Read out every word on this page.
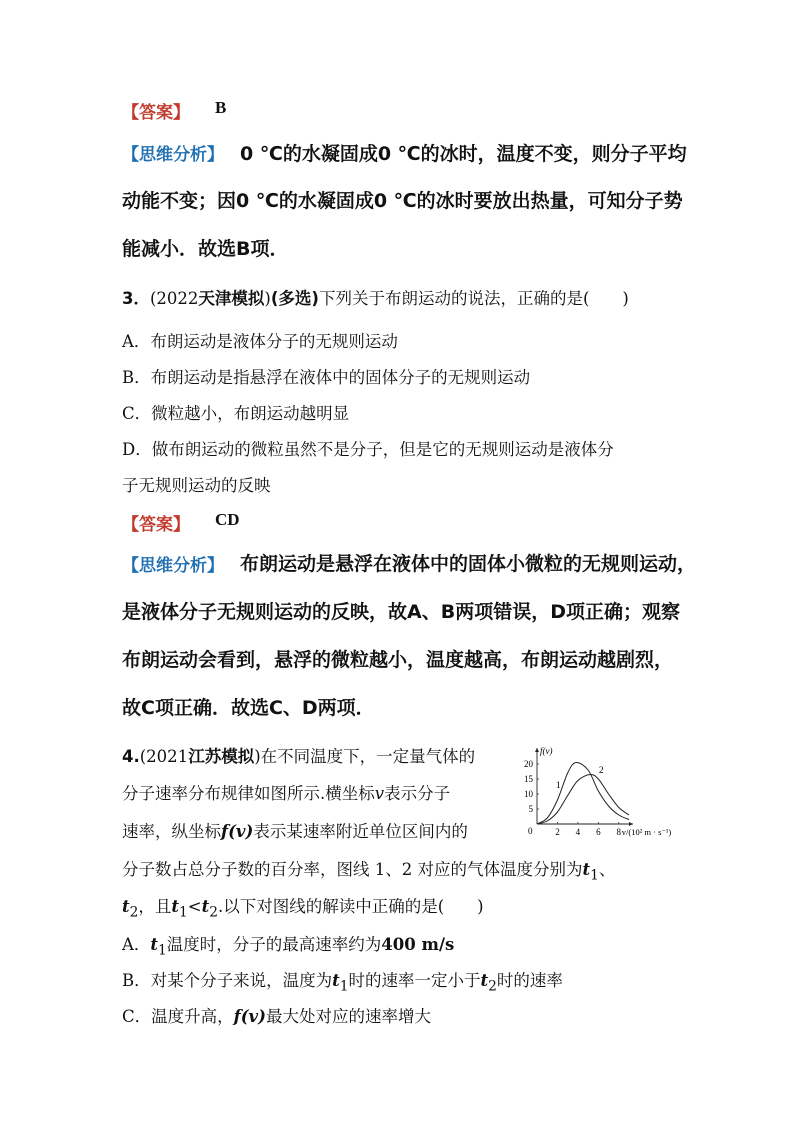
【答案】 B
【思维分析】 0 ℃的水凝固成0 ℃的冰时，温度不变，则分子平均
动能不变；因0 ℃的水凝固成0 ℃的冰时要放出热量，可知分子势
能减小．故选B项．
3．(2022天津模拟)(多选)下列关于布朗运动的说法，正确的是(　　)
A．布朗运动是液体分子的无规则运动
B．布朗运动是指悬浮在液体中的固体分子的无规则运动
C．微粒越小，布朗运动越明显
D．做布朗运动的微粒虽然不是分子，但是它的无规则运动是液体分
子无规则运动的反映
【答案】 CD
【思维分析】 布朗运动是悬浮在液体中的固体小微粒的无规则运动，
是液体分子无规则运动的反映，故A、B两项错误，D项正确；观察
布朗运动会看到，悬浮的微粒越小，温度越高，布朗运动越剧烈，
故C项正确．故选C、D两项．
4.(2021江苏模拟)在不同温度下，一定量气体的
分子速率分布规律如图所示.横坐标v表示分子
速率，纵坐标f(v)表示某速率附近单位区间内的
分子数占总分子数的百分率，图线 1、2 对应的气体温度分别为$t_1$、
$t_2$，且$t_1<t_2$.以下对图线的解读中正确的是(　　)
A．$t_1$温度时，分子的最高速率约为400 m/s
B．对某个分子来说，温度为$t_1$时的速率一定小于$t_2$时的速率
C．温度升高，f(v)最大处对应的速率增大
f(v)
5
10
15
20
0	2 4 6 8 v/(10² m · s⁻¹)
1
2
